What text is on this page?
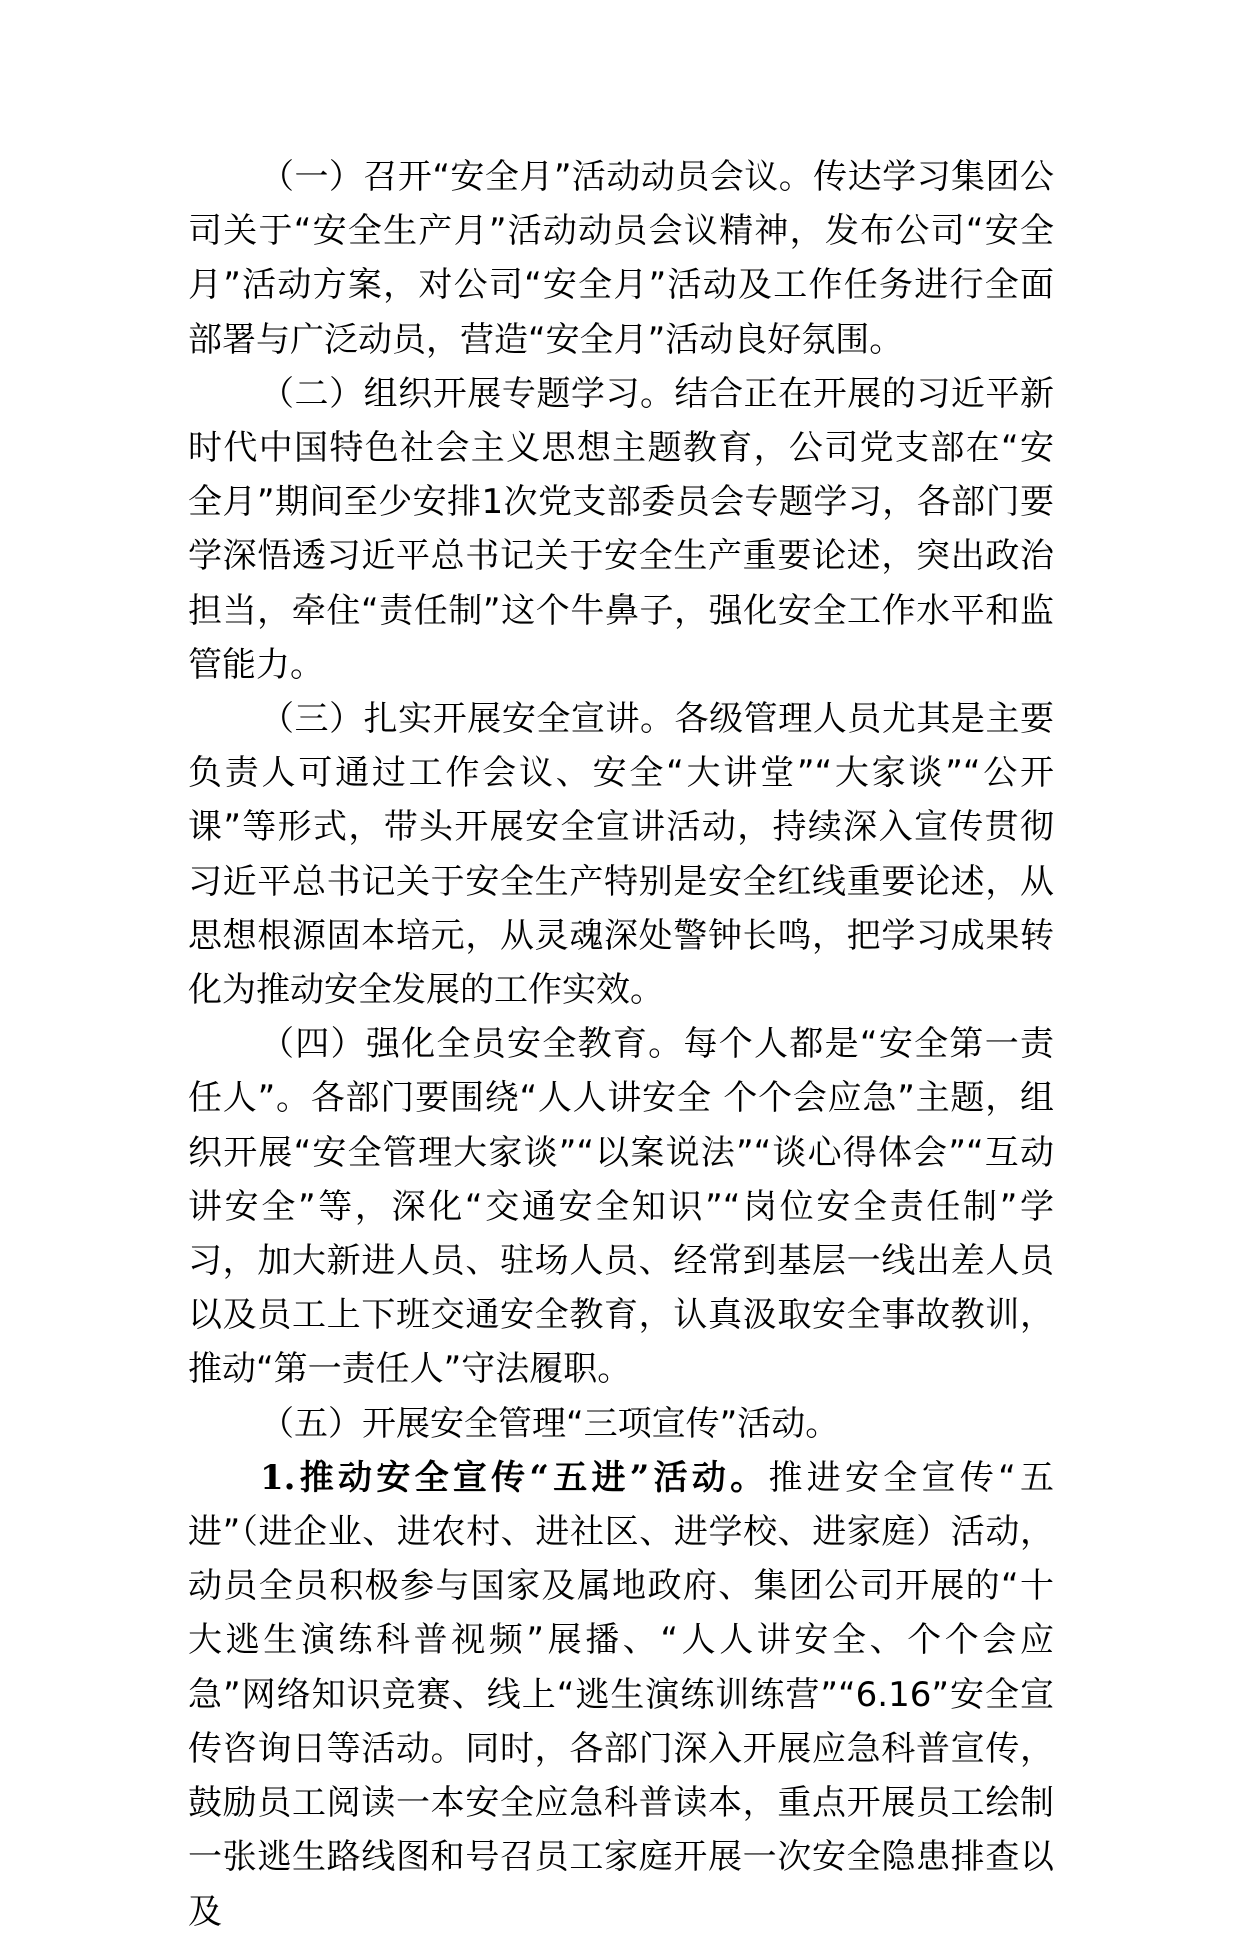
（一）召开“安全月”活动动员会议。传达学习集团公司关于“安全生产月”活动动员会议精神，发布公司“安全月”活动方案，对公司“安全月”活动及工作任务进行全面部署与广泛动员，营造“安全月”活动良好氛围。

（二）组织开展专题学习。结合正在开展的习近平新时代中国特色社会主义思想主题教育，公司党支部在“安全月”期间至少安排1次党支部委员会专题学习，各部门要学深悟透习近平总书记关于安全生产重要论述，突出政治担当，牵住“责任制”这个牛鼻子，强化安全工作水平和监管能力。

（三）扎实开展安全宣讲。各级管理人员尤其是主要负责人可通过工作会议、安全“大讲堂”“大家谈”“公开课”等形式，带头开展安全宣讲活动，持续深入宣传贯彻习近平总书记关于安全生产特别是安全红线重要论述，从思想根源固本培元，从灵魂深处警钟长鸣，把学习成果转化为推动安全发展的工作实效。

（四）强化全员安全教育。每个人都是“安全第一责任人”。各部门要围绕“人人讲安全 个个会应急”主题，组织开展“安全管理大家谈”“以案说法”“谈心得体会”“互动讲安全”等，深化“交通安全知识”“岗位安全责任制”学习，加大新进人员、驻场人员、经常到基层一线出差人员以及员工上下班交通安全教育，认真汲取安全事故教训，推动“第一责任人”守法履职。

（五）开展安全管理“三项宣传”活动。

1.推动安全宣传“五进”活动。推进安全宣传“五进”（进企业、进农村、进社区、进学校、进家庭）活动，动员全员积极参与国家及属地政府、集团公司开展的“十大逃生演练科普视频”展播、“人人讲安全、个个会应急”网络知识竞赛、线上“逃生演练训练营”“6.16”安全宣传咨询日等活动。同时，各部门深入开展应急科普宣传，鼓励员工阅读一本安全应急科普读本，重点开展员工绘制一张逃生路线图和号召员工家庭开展一次安全隐患排查以及
